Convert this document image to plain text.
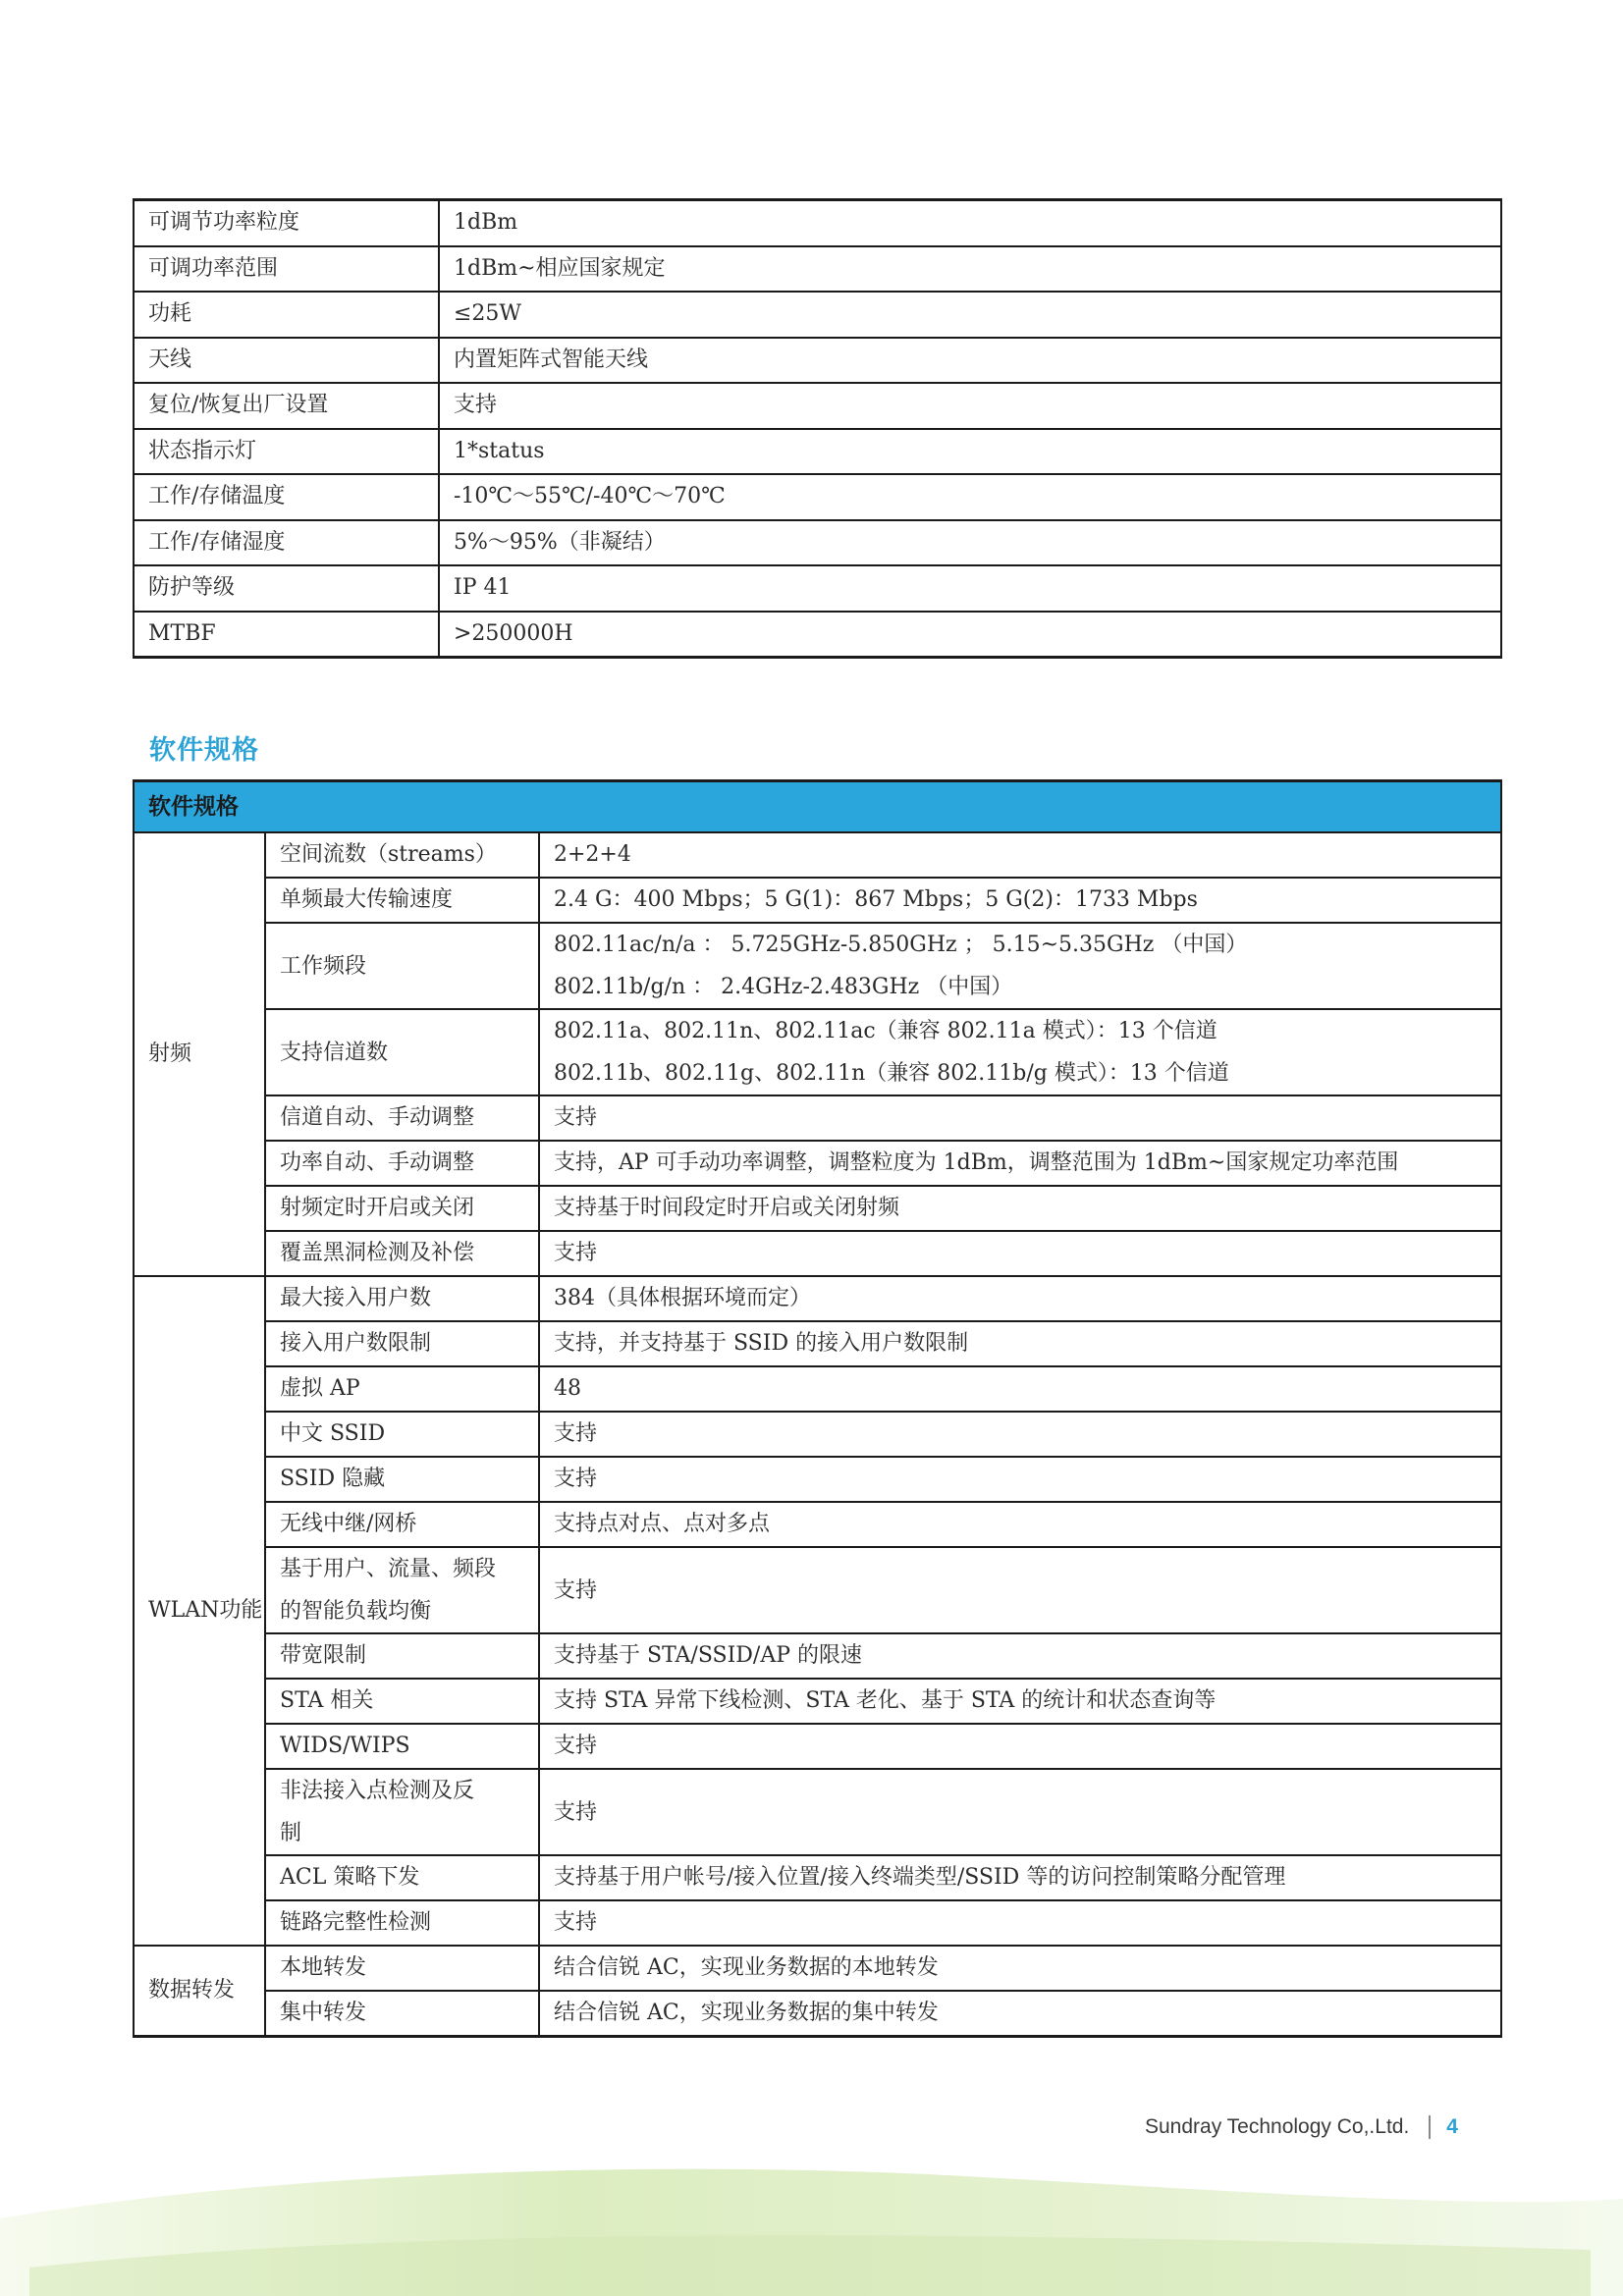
可调节功率粒度	1dBm
可调功率范围	1dBm~相应国家规定
功耗	≤25W
天线	内置矩阵式智能天线
复位/恢复出厂设置	支持
状态指示灯	1*status
工作/存储温度	-10℃～55℃/-40℃～70℃
工作/存储湿度	5%～95%（非凝结）
防护等级	IP 41
MTBF	>250000H
软件规格
软件规格		
射频	空间流数（streams）	2+2+4

	单频最大传输速度	2.4 G：400 Mbps；5 G(1)：867 Mbps；5 G(2)：1733 Mbps

	工作频段	802.11ac/n/a ： 5.725GHz-5.850GHz ； 5.15~5.35GHz （中国）
802.11b/g/n ： 2.4GHz-2.483GHz （中国）

	支持信道数	802.11a、802.11n、802.11ac（兼容 802.11a 模式）：13 个信道
802.11b、802.11g、802.11n（兼容 802.11b/g 模式）：13 个信道

	信道自动、手动调整	支持

	功率自动、手动调整	支持，AP 可手动功率调整，调整粒度为 1dBm，调整范围为 1dBm~国家规定功率范围

	射频定时开启或关闭	支持基于时间段定时开启或关闭射频

	覆盖黑洞检测及补偿	支持

WLAN功能	最大接入用户数	384（具体根据环境而定）

	接入用户数限制	支持，并支持基于 SSID 的接入用户数限制

	虚拟 AP	48

	中文 SSID	支持

	SSID 隐藏	支持

	无线中继/网桥	支持点对点、点对多点

	基于用户、流量、频段
的智能负载均衡	支持

	带宽限制	支持基于 STA/SSID/AP 的限速

	STA 相关	支持 STA 异常下线检测、STA 老化、基于 STA 的统计和状态查询等

	WIDS/WIPS	支持

	非法接入点检测及反
制	支持

	ACL 策略下发	支持基于用户帐号/接入位置/接入终端类型/SSID 等的访问控制策略分配管理

	链路完整性检测	支持

数据转发	本地转发	结合信锐 AC，实现业务数据的本地转发

	集中转发	结合信锐 AC，实现业务数据的集中转发
Sundray Technology Co,.Ltd. 4
